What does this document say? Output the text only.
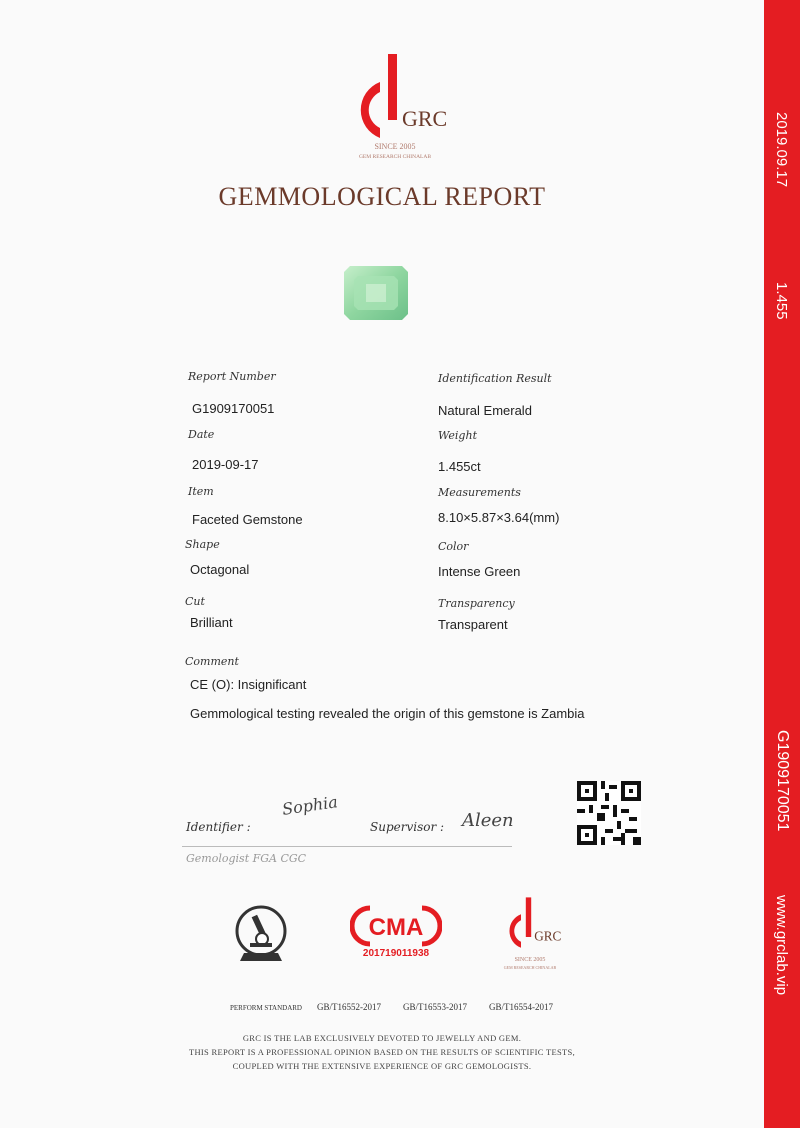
2019.09.17
1.455
G1909170051
www.grclab.vip
GRC
SINCE 2005
GEM RESEARCH CHINALAB
GEMMOLOGICAL REPORT
Report Number
G1909170051
Date
2019-09-17
Item
Faceted Gemstone
Shape
Octagonal
Cut
Brilliant
Identification Result
Natural Emerald
Weight
1.455ct
Measurements
8.10×5.87×3.64(mm)
Color
Intense Green
Transparency
Transparent
Comment
CE (O): Insignificant
Gemmological testing revealed the origin of this gemstone is Zambia
Identifier :
Sophia
Supervisor : Aleen
Gemologist FGA CGC
CMA
201719011938
GRC
SINCE 2005
GEM RESEARCH CHINALAB
PERFORM STANDARD GB/T16552-2017 GB/T16553-2017 GB/T16554-2017
GRC IS THE LAB EXCLUSIVELY DEVOTED TO JEWELLY AND GEM.
THIS REPORT IS A PROFESSIONAL OPINION BASED ON THE RESULTS OF SCIENTIFIC TESTS,
COUPLED WITH THE EXTENSIVE EXPERIENCE OF GRC GEMOLOGISTS.
